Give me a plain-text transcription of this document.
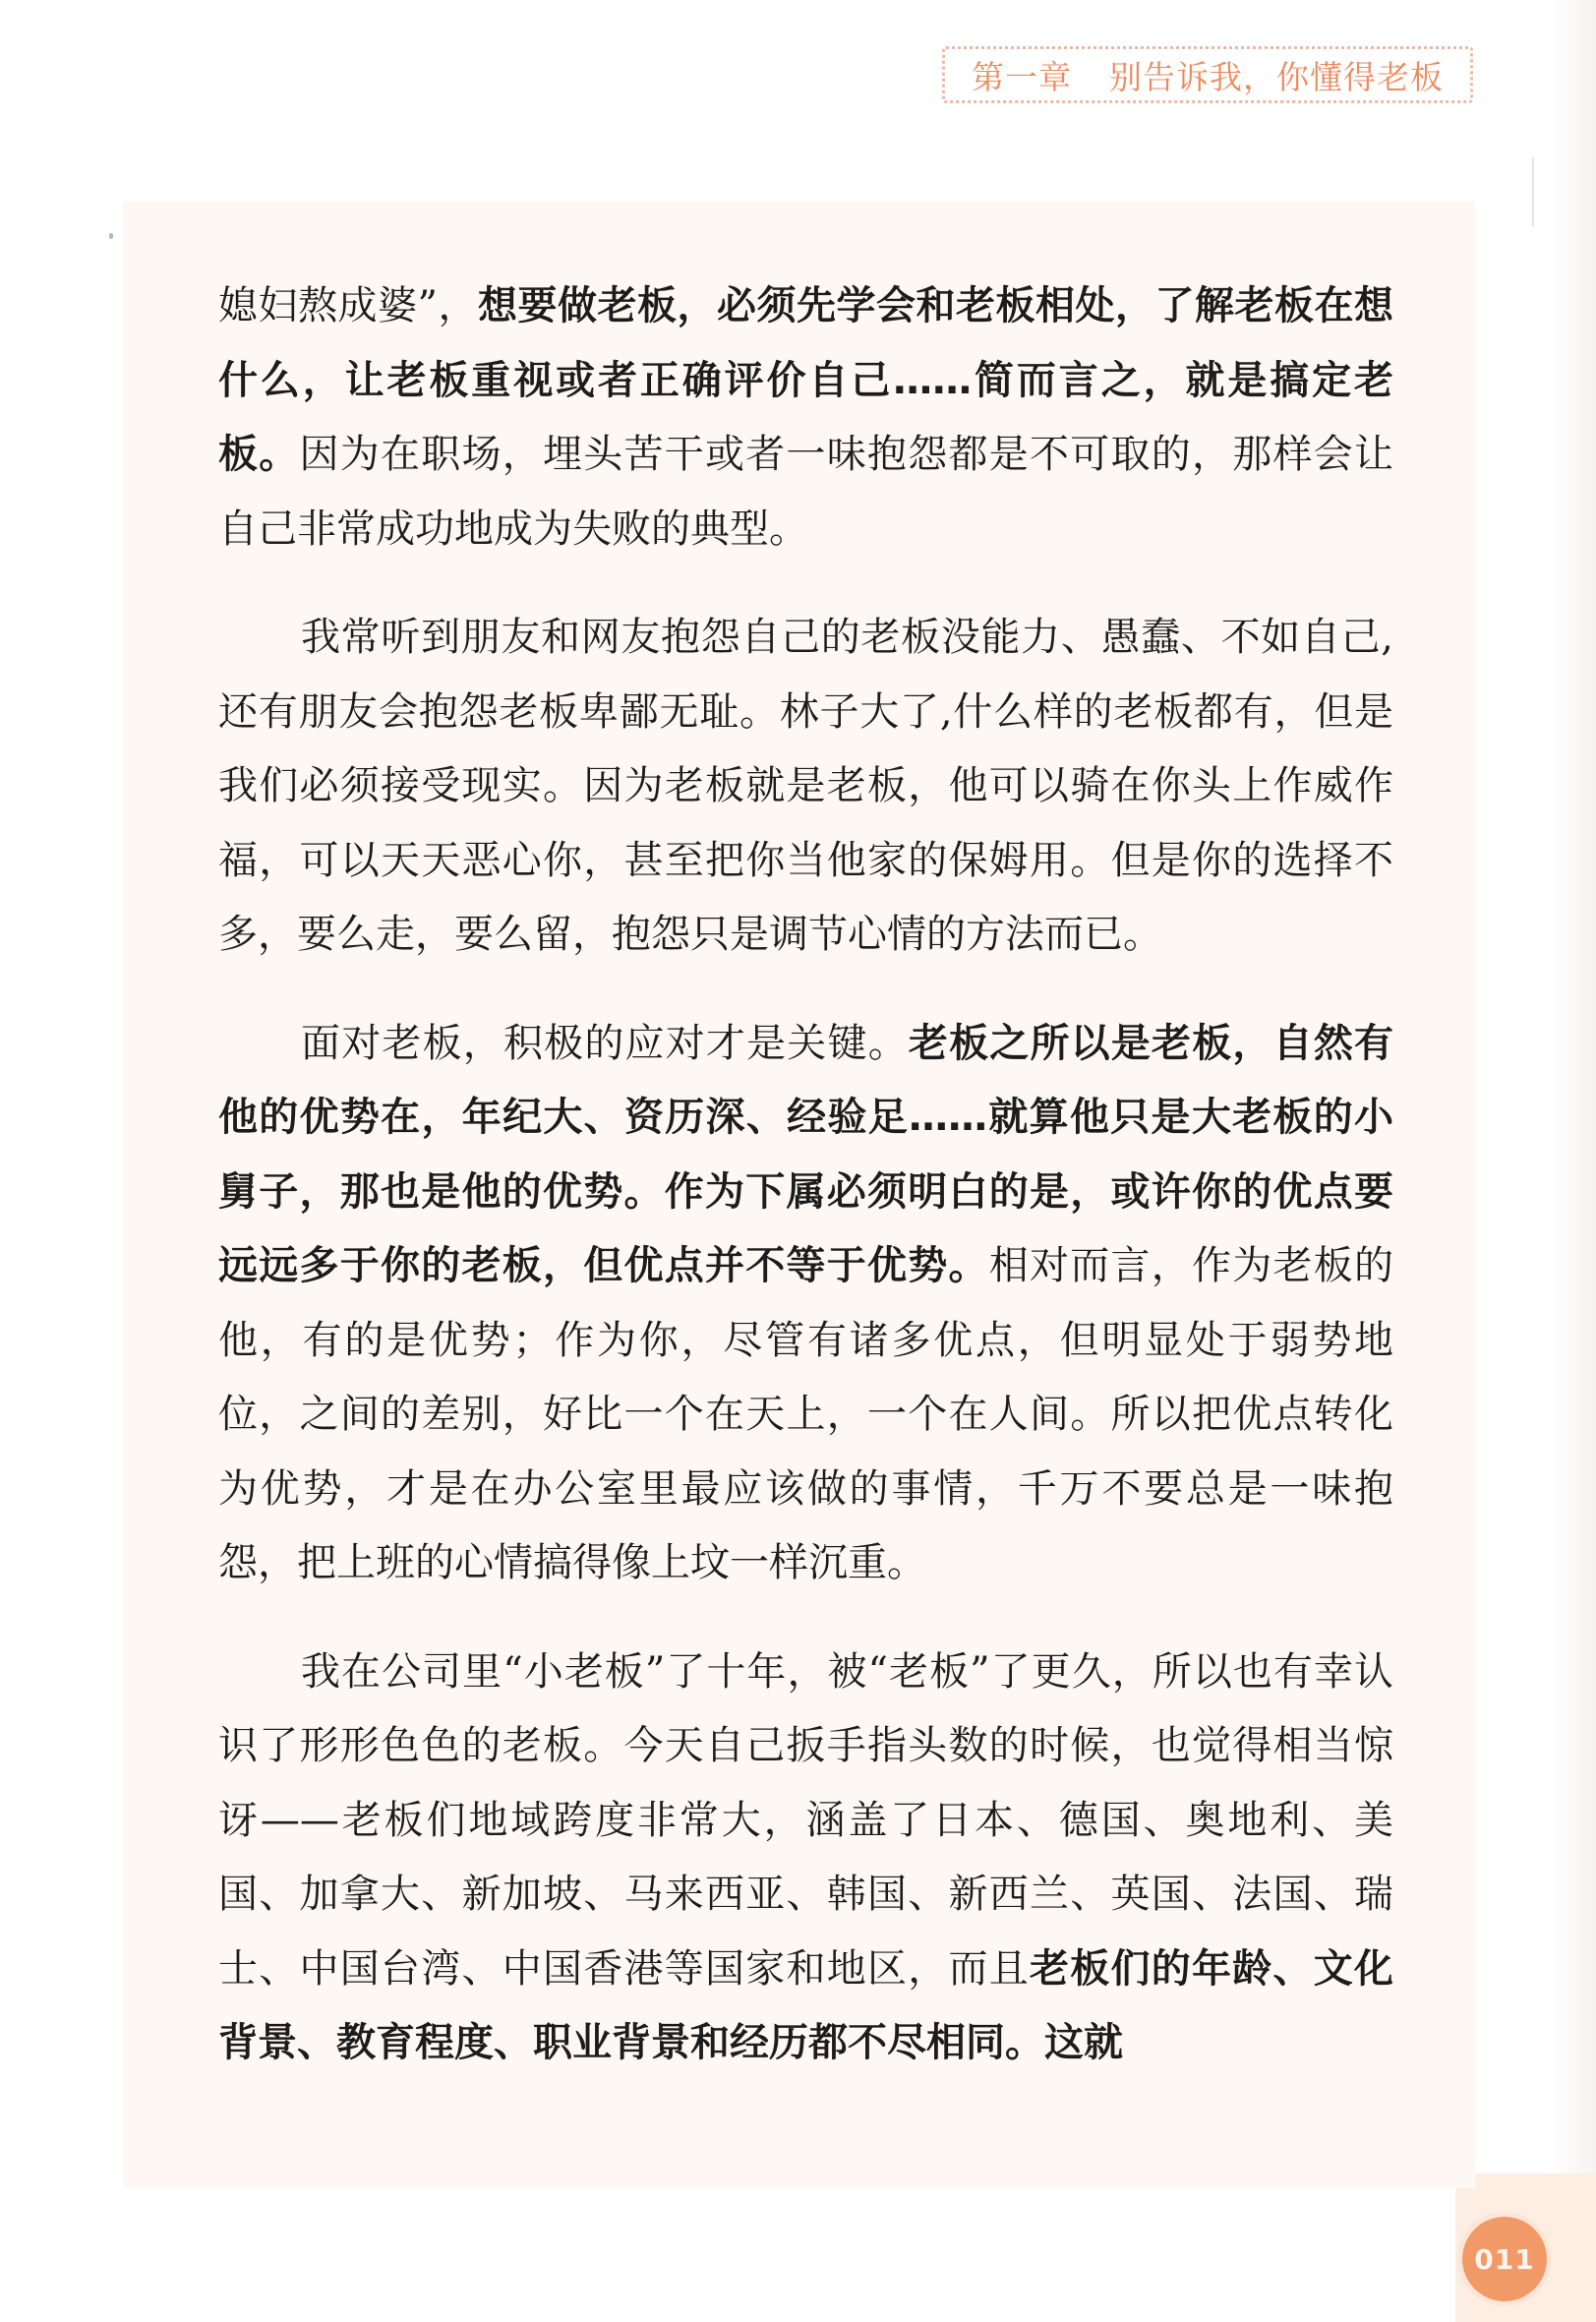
第一章 别告诉我，你懂得老板

媳妇熬成婆”，想要做老板，必须先学会和老板相处，了解老板在想什么，让老板重视或者正确评价自己……简而言之，就是搞定老板。因为在职场，埋头苦干或者一味抱怨都是不可取的，那样会让自己非常成功地成为失败的典型。

我常听到朋友和网友抱怨自己的老板没能力、愚蠢、不如自己,还有朋友会抱怨老板卑鄙无耻。林子大了,什么样的老板都有，但是我们必须接受现实。因为老板就是老板，他可以骑在你头上作威作福，可以天天恶心你，甚至把你当他家的保姆用。但是你的选择不多，要么走，要么留，抱怨只是调节心情的方法而已。

面对老板，积极的应对才是关键。老板之所以是老板，自然有他的优势在，年纪大、资历深、经验足……就算他只是大老板的小舅子，那也是他的优势。作为下属必须明白的是，或许你的优点要远远多于你的老板，但优点并不等于优势。相对而言，作为老板的他，有的是优势；作为你，尽管有诸多优点，但明显处于弱势地位，之间的差别，好比一个在天上，一个在人间。所以把优点转化为优势，才是在办公室里最应该做的事情，千万不要总是一味抱怨，把上班的心情搞得像上坟一样沉重。

我在公司里“小老板”了十年，被“老板”了更久，所以也有幸认识了形形色色的老板。今天自己扳手指头数的时候，也觉得相当惊讶——老板们地域跨度非常大，涵盖了日本、德国、奥地利、美国、加拿大、新加坡、马来西亚、韩国、新西兰、英国、法国、瑞士、中国台湾、中国香港等国家和地区，而且老板们的年龄、文化背景、教育程度、职业背景和经历都不尽相同。这就

011
